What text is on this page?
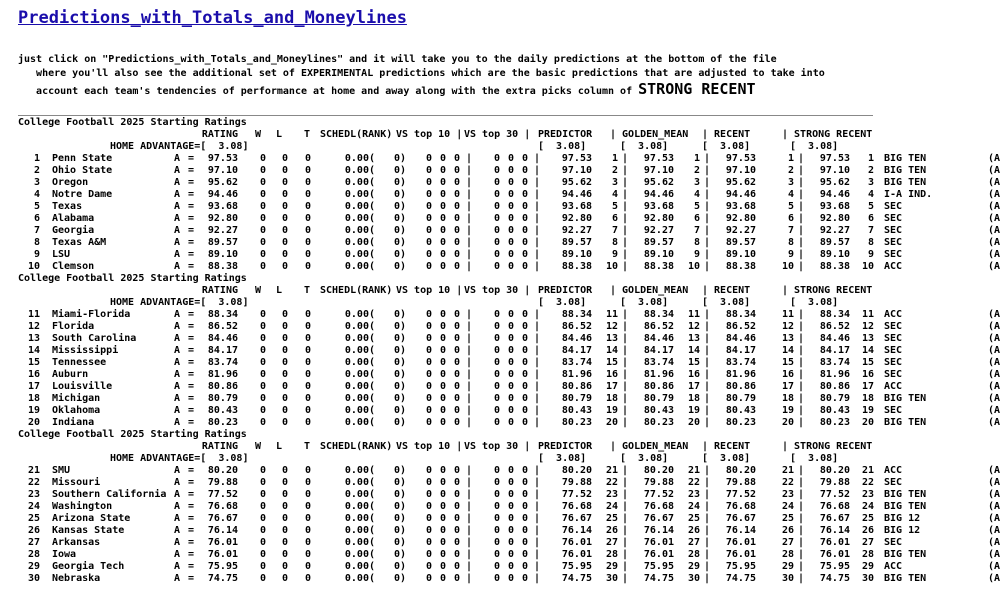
Predictions_with_Totals_and_Moneylines
just click on "Predictions_with_Totals_and_Moneylines" and it will take you to the daily predictions at the bottom of the file
where you'll also see the additional set of EXPERIMENTAL predictions which are the basic predictions that are adjusted to take into
account each team's tendencies of performance at home and away along with the extra picks column of STRONG RECENT
College Football 2025 Starting Ratings
RATING	W	L	T SCHEDL(RANK) VS top 10 | VS top 30 | PREDICTOR | GOLDEN_MEAN | RECENT	| STRONG RECENT
HOME ADVANTAGE=[  3.08]	[  3.08]	[  3.08]	[  3.08]	[  3.08]
1 Penn State	A =	97.53	0	0	0	0.00(	0)	0 0 0 |	0 0 0 |	97.53	1 |	97.53	1 |	97.53	1 |	97.53	1 BIG TEN	(A
2 Ohio State	A =	97.10	0	0	0	0.00(	0)	0 0 0 |	0 0 0 |	97.10	2 |	97.10	2 |	97.10	2 |	97.10	2 BIG TEN	(A
3 Oregon	A =	95.62	0	0	0	0.00(	0)	0 0 0 |	0 0 0 |	95.62	3 |	95.62	3 |	95.62	3 |	95.62	3 BIG TEN	(A
4 Notre Dame	A =	94.46	0	0	0	0.00(	0)	0 0 0 |	0 0 0 |	94.46	4 |	94.46	4 |	94.46	4 |	94.46	4 I-A IND.	(A
5 Texas	A =	93.68	0	0	0	0.00(	0)	0 0 0 |	0 0 0 |	93.68	5 |	93.68	5 |	93.68	5 |	93.68	5 SEC	(A
6 Alabama	A =	92.80	0	0	0	0.00(	0)	0 0 0 |	0 0 0 |	92.80	6 |	92.80	6 |	92.80	6 |	92.80	6 SEC	(A
7 Georgia	A =	92.27	0	0	0	0.00(	0)	0 0 0 |	0 0 0 |	92.27	7 |	92.27	7 |	92.27	7 |	92.27	7 SEC	(A
8 Texas A&M	A =	89.57	0	0	0	0.00(	0)	0 0 0 |	0 0 0 |	89.57	8 |	89.57	8 |	89.57	8 |	89.57	8 SEC	(A
9 LSU	A =	89.10	0	0	0	0.00(	0)	0 0 0 |	0 0 0 |	89.10	9 |	89.10	9 |	89.10	9 |	89.10	9 SEC	(A
10 Clemson	A =	88.38	0	0	0	0.00(	0)	0 0 0 |	0 0 0 |	88.38	10 |	88.38	10 |	88.38	10 |	88.38	10 ACC	(A
College Football 2025 Starting Ratings
RATING	W	L	T SCHEDL(RANK) VS top 10 | VS top 30 | PREDICTOR | GOLDEN_MEAN | RECENT	| STRONG RECENT
HOME ADVANTAGE=[  3.08]	[  3.08]	[  3.08]	[  3.08]	[  3.08]
11 Miami-Florida	A =	88.34	0	0	0	0.00(	0)	0 0 0 |	0 0 0 |	88.34	11 |	88.34	11 |	88.34	11 |	88.34	11 ACC	(A
12 Florida	A =	86.52	0	0	0	0.00(	0)	0 0 0 |	0 0 0 |	86.52	12 |	86.52	12 |	86.52	12 |	86.52	12 SEC	(A
13 South Carolina	A =	84.46	0	0	0	0.00(	0)	0 0 0 |	0 0 0 |	84.46	13 |	84.46	13 |	84.46	13 |	84.46	13 SEC	(A
14 Mississippi	A =	84.17	0	0	0	0.00(	0)	0 0 0 |	0 0 0 |	84.17	14 |	84.17	14 |	84.17	14 |	84.17	14 SEC	(A
15 Tennessee	A =	83.74	0	0	0	0.00(	0)	0 0 0 |	0 0 0 |	83.74	15 |	83.74	15 |	83.74	15 |	83.74	15 SEC	(A
16 Auburn	A =	81.96	0	0	0	0.00(	0)	0 0 0 |	0 0 0 |	81.96	16 |	81.96	16 |	81.96	16 |	81.96	16 SEC	(A
17 Louisville	A =	80.86	0	0	0	0.00(	0)	0 0 0 |	0 0 0 |	80.86	17 |	80.86	17 |	80.86	17 |	80.86	17 ACC	(A
18 Michigan	A =	80.79	0	0	0	0.00(	0)	0 0 0 |	0 0 0 |	80.79	18 |	80.79	18 |	80.79	18 |	80.79	18 BIG TEN	(A
19 Oklahoma	A =	80.43	0	0	0	0.00(	0)	0 0 0 |	0 0 0 |	80.43	19 |	80.43	19 |	80.43	19 |	80.43	19 SEC	(A
20 Indiana	A =	80.23	0	0	0	0.00(	0)	0 0 0 |	0 0 0 |	80.23	20 |	80.23	20 |	80.23	20 |	80.23	20 BIG TEN	(A
College Football 2025 Starting Ratings
RATING	W	L	T SCHEDL(RANK) VS top 10 | VS top 30 | PREDICTOR | GOLDEN_MEAN | RECENT	| STRONG RECENT
HOME ADVANTAGE=[  3.08]	[  3.08]	[  3.08]	[  3.08]	[  3.08]
21 SMU	A =	80.20	0	0	0	0.00(	0)	0 0 0 |	0 0 0 |	80.20	21 |	80.20	21 |	80.20	21 |	80.20	21 ACC	(A
22 Missouri	A =	79.88	0	0	0	0.00(	0)	0 0 0 |	0 0 0 |	79.88	22 |	79.88	22 |	79.88	22 |	79.88	22 SEC	(A
23 Southern California A =	77.52	0	0	0	0.00(	0)	0 0 0 |	0 0 0 |	77.52	23 |	77.52	23 |	77.52	23 |	77.52	23 BIG TEN	(A
24 Washington	A =	76.68	0	0	0	0.00(	0)	0 0 0 |	0 0 0 |	76.68	24 |	76.68	24 |	76.68	24 |	76.68	24 BIG TEN	(A
25 Arizona State	A =	76.67	0	0	0	0.00(	0)	0 0 0 |	0 0 0 |	76.67	25 |	76.67	25 |	76.67	25 |	76.67	25 BIG 12	(A
26 Kansas State	A =	76.14	0	0	0	0.00(	0)	0 0 0 |	0 0 0 |	76.14	26 |	76.14	26 |	76.14	26 |	76.14	26 BIG 12	(A
27 Arkansas	A =	76.01	0	0	0	0.00(	0)	0 0 0 |	0 0 0 |	76.01	27 |	76.01	27 |	76.01	27 |	76.01	27 SEC	(A
28 Iowa	A =	76.01	0	0	0	0.00(	0)	0 0 0 |	0 0 0 |	76.01	28 |	76.01	28 |	76.01	28 |	76.01	28 BIG TEN	(A
29 Georgia Tech	A =	75.95	0	0	0	0.00(	0)	0 0 0 |	0 0 0 |	75.95	29 |	75.95	29 |	75.95	29 |	75.95	29 ACC	(A
30 Nebraska	A =	74.75	0	0	0	0.00(	0)	0 0 0 |	0 0 0 |	74.75	30 |	74.75	30 |	74.75	30 |	74.75	30 BIG TEN	(A
